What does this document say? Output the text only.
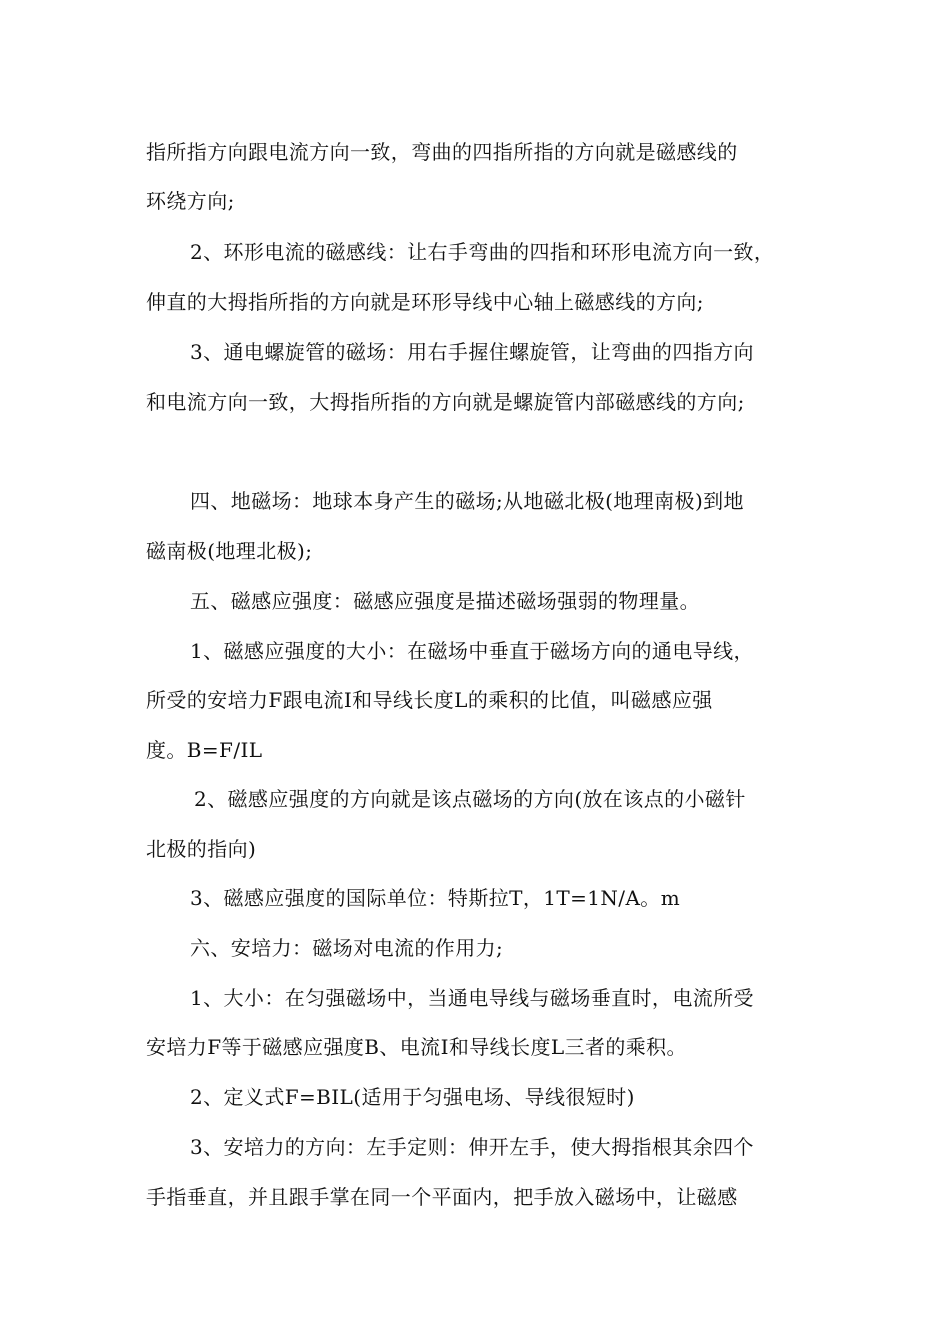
指所指方向跟电流方向一致，弯曲的四指所指的方向就是磁感线的

环绕方向;

2、环形电流的磁感线：让右手弯曲的四指和环形电流方向一致，

伸直的大拇指所指的方向就是环形导线中心轴上磁感线的方向;

3、通电螺旋管的磁场：用右手握住螺旋管，让弯曲的四指方向

和电流方向一致，大拇指所指的方向就是螺旋管内部磁感线的方向;

四、地磁场：地球本身产生的磁场;从地磁北极(地理南极)到地

磁南极(地理北极);

五、磁感应强度：磁感应强度是描述磁场强弱的物理量。

1、磁感应强度的大小：在磁场中垂直于磁场方向的通电导线，

所受的安培力F跟电流I和导线长度L的乘积的比值，叫磁感应强

度。B=F/IL

2、磁感应强度的方向就是该点磁场的方向(放在该点的小磁针

北极的指向)

3、磁感应强度的国际单位：特斯拉T，1T=1N/A。m

六、安培力：磁场对电流的作用力;

1、大小：在匀强磁场中，当通电导线与磁场垂直时，电流所受

安培力F等于磁感应强度B、电流I和导线长度L三者的乘积。

2、定义式F=BIL(适用于匀强电场、导线很短时)

3、安培力的方向：左手定则：伸开左手，使大拇指根其余四个

手指垂直，并且跟手掌在同一个平面内，把手放入磁场中，让磁感
